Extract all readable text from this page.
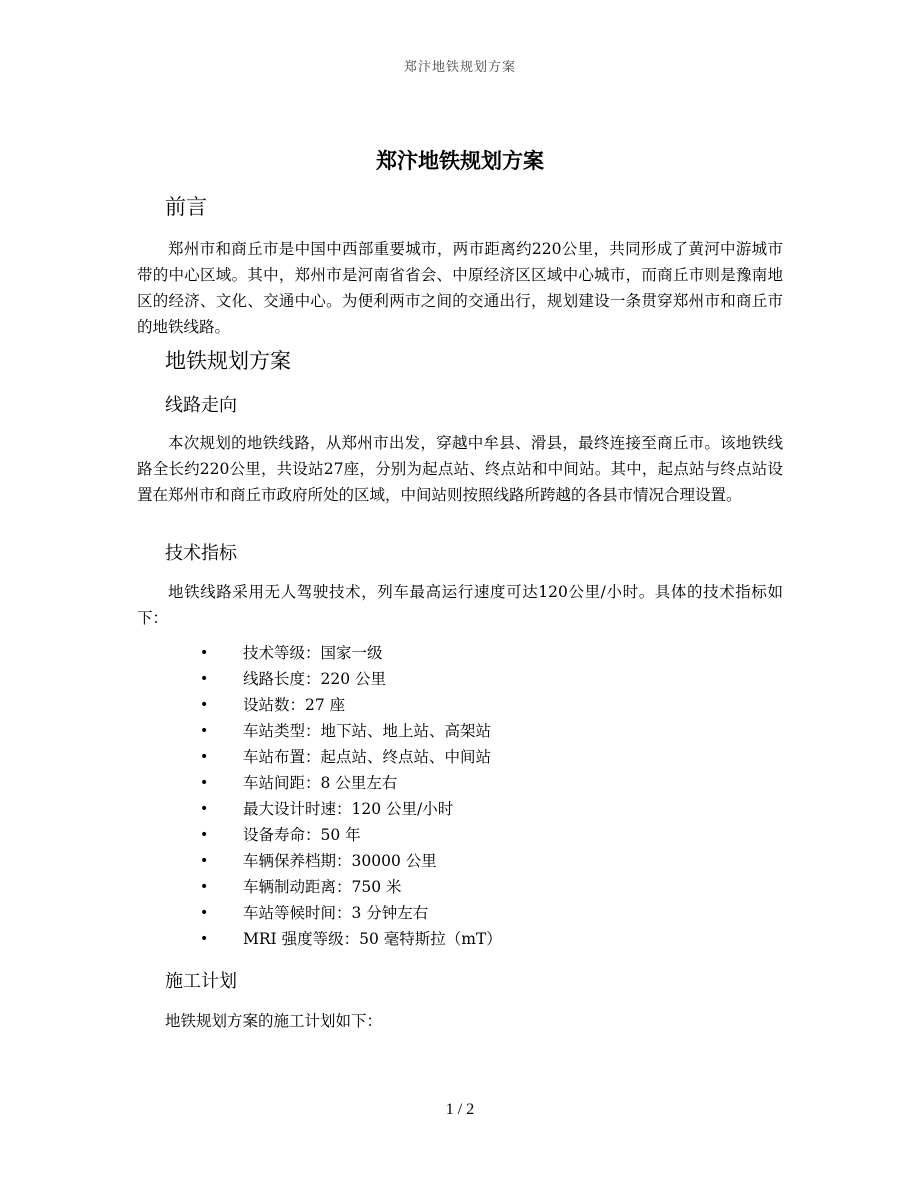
郑汴地铁规划方案
郑汴地铁规划方案
前言

郑州市和商丘市是中国中西部重要城市，两市距离约220公里，共同形成了黄河中游城市带的中心区域。其中，郑州市是河南省省会、中原经济区区域中心城市，而商丘市则是豫南地区的经济、文化、交通中心。为便利两市之间的交通出行，规划建设一条贯穿郑州市和商丘市的地铁线路。

地铁规划方案
线路走向

本次规划的地铁线路，从郑州市出发，穿越中牟县、滑县，最终连接至商丘市。该地铁线路全长约220公里，共设站27座，分别为起点站、终点站和中间站。其中，起点站与终点站设置在郑州市和商丘市政府所处的区域，中间站则按照线路所跨越的各县市情况合理设置。

技术指标

地铁线路采用无人驾驶技术，列车最高运行速度可达120公里/小时。具体的技术指标如下：

• 技术等级：国家一级
• 线路长度：220 公里
• 设站数：27 座
• 车站类型：地下站、地上站、高架站
• 车站布置：起点站、终点站、中间站
• 车站间距：8 公里左右
• 最大设计时速：120 公里/小时
• 设备寿命：50 年
• 车辆保养档期：30000 公里
• 车辆制动距离：750 米
• 车站等候时间：3 分钟左右
• MRI 强度等级：50 毫特斯拉（mT）
施工计划

地铁规划方案的施工计划如下：

1 / 2
